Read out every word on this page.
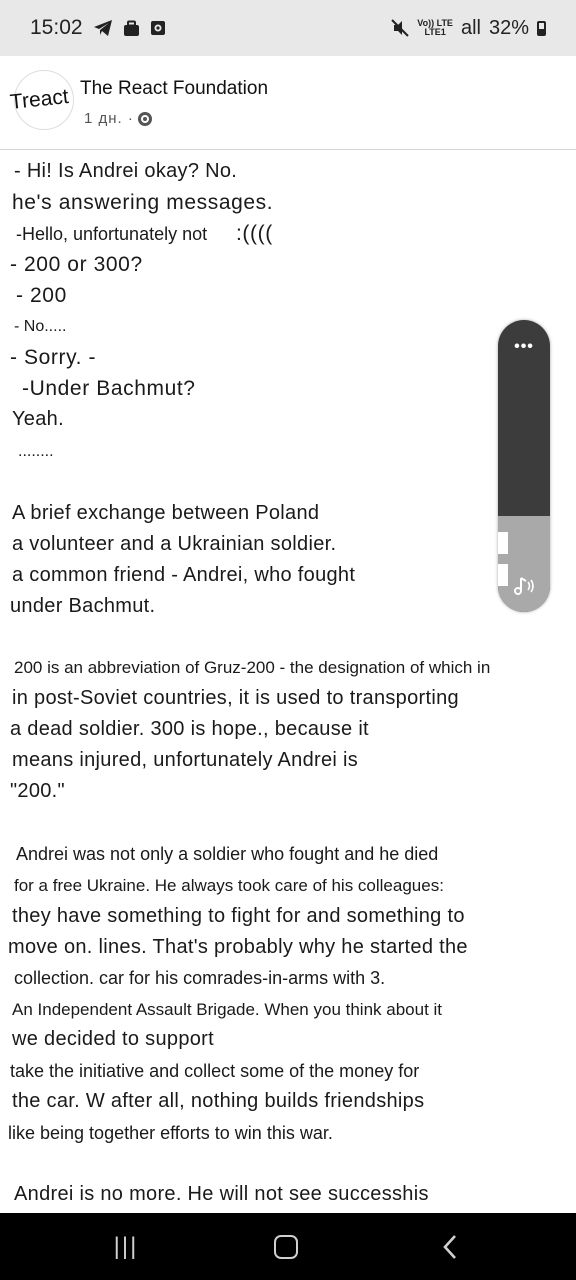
15:02	Vo)) LTE
LTE1 all 32%
Treact The React Foundation
1 дн. ·
- Hi! Is Andrei okay? No.
he's answering messages.
-Hello, unfortunately not :((((
- 200 or 300?
- 200
- No.....
- Sorry. -
-Under Bachmut?
Yeah.
........
A brief exchange between Poland
a volunteer and a Ukrainian soldier.
a common friend - Andrei, who fought
under Bachmut.
200 is an abbreviation of Gruz-200 - the designation of which in
in post-Soviet countries, it is used to transporting
a dead soldier. 300 is hope., because it
means injured, unfortunately Andrei is
"200."
Andrei was not only a soldier who fought and he died
for a free Ukraine. He always took care of his colleagues:
they have something to fight for and something to
move on. lines. That's probably why he started the
collection. car for his comrades-in-arms with 3.
An Independent Assault Brigade. When you think about it
we decided to support
take the initiative and collect some of the money for
the car. W after all, nothing builds friendships
like being together efforts to win this war.
Andrei is no more. He will not see successhis
•••
|||
